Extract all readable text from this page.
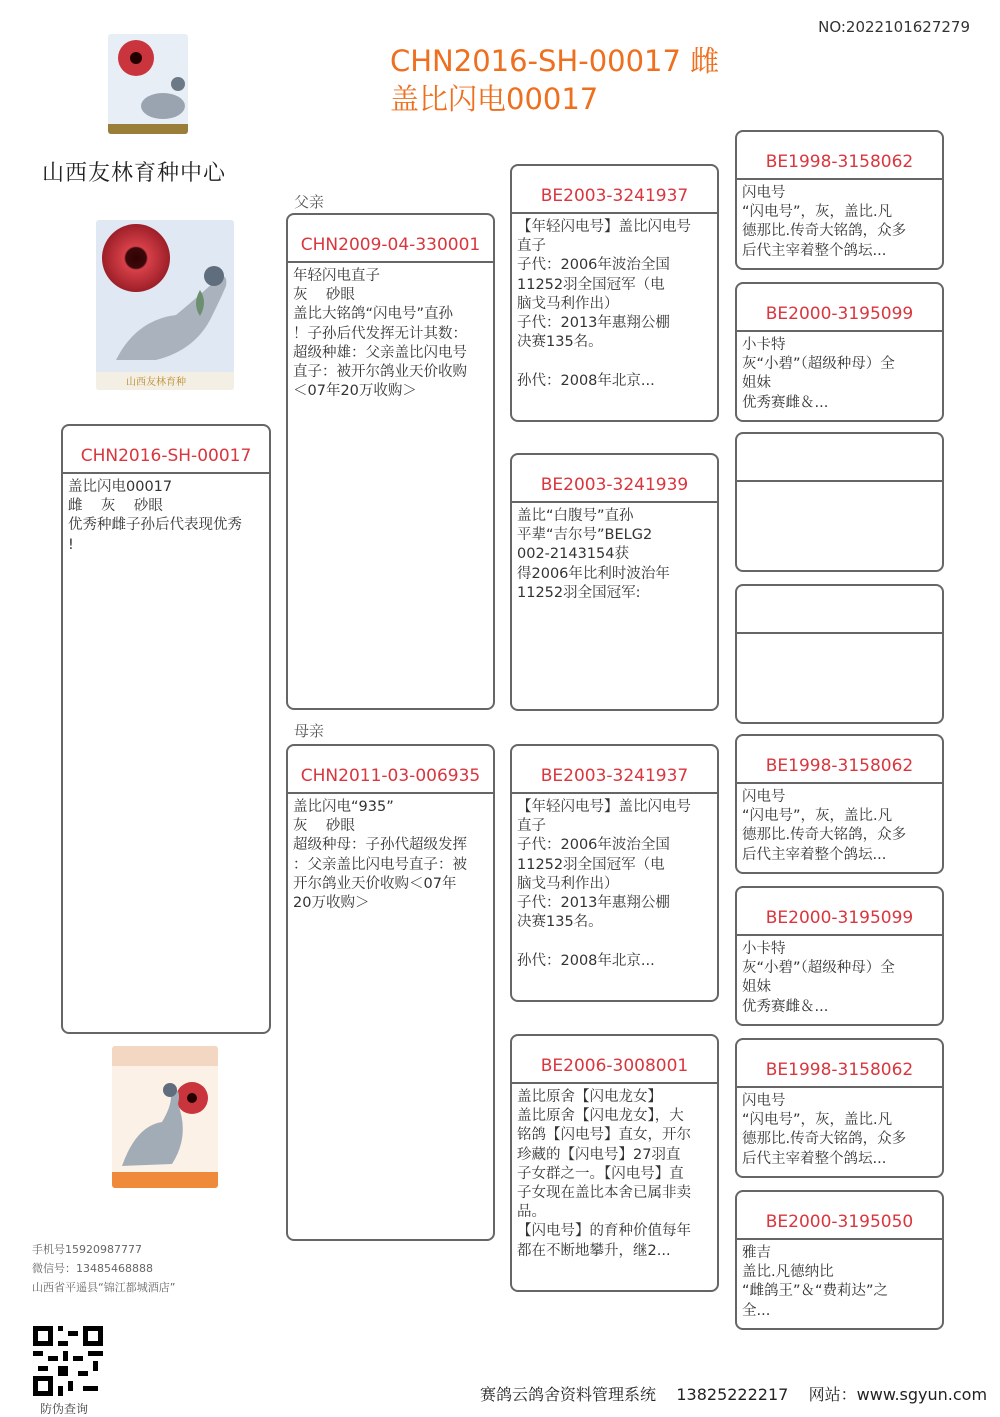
NO:2022101627279
CHN2016-SH-00017 雌
盖比闪电00017
山西友林育种中心
山西友林育种
父亲
母亲
CHN2016-SH-00017
盖比闪电00017
雌    灰    砂眼
优秀种雌子孙后代表现优秀
!
CHN2009-04-330001
年轻闪电直子
灰    砂眼
盖比大铭鸽“闪电号”直孙
！子孙后代发挥无计其数：
超级种雄：父亲盖比闪电号
直子：被开尔鸽业天价收购
＜07年20万收购＞
CHN2011-03-006935
盖比闪电“935”
灰    砂眼
超级种母：子孙代超级发挥
：父亲盖比闪电号直子：被
开尔鸽业天价收购＜07年
20万收购＞
BE2003-3241937
【年轻闪电号】盖比闪电号
直子
子代：2006年波治全国
11252羽全国冠军（电
脑戈马利作出）
子代：2013年惠翔公棚
决赛135名。

孙代：2008年北京...
BE2003-3241939
盖比“白腹号”直孙
平辈“吉尔号”BELG2
002-2143154获
得2006年比利时波治年
11252羽全国冠军:
BE2003-3241937
【年轻闪电号】盖比闪电号
直子
子代：2006年波治全国
11252羽全国冠军（电
脑戈马利作出）
子代：2013年惠翔公棚
决赛135名。

孙代：2008年北京...
BE2006-3008001
盖比原舍【闪电龙女】
盖比原舍【闪电龙女】，大
铭鸽【闪电号】直女，开尔
珍藏的【闪电号】27羽直
子女群之一。【闪电号】直
子女现在盖比本舍已属非卖
品。
【闪电号】的育种价值每年
都在不断地攀升，继2...
BE1998-3158062
闪电号
“闪电号”，灰，盖比.凡
德那比.传奇大铭鸽，众多
后代主宰着整个鸽坛...
BE2000-3195099
小卡特
灰“小碧”（超级种母）全
姐妹
优秀赛雌＆...
BE1998-3158062
闪电号
“闪电号”，灰，盖比.凡
德那比.传奇大铭鸽，众多
后代主宰着整个鸽坛...
BE2000-3195099
小卡特
灰“小碧”（超级种母）全
姐妹
优秀赛雌＆...
BE1998-3158062
闪电号
“闪电号”，灰，盖比.凡
德那比.传奇大铭鸽，众多
后代主宰着整个鸽坛...
BE2000-3195050
雅吉
盖比.凡德纳比
“雌鸽王”＆“费莉达”之
全...
手机号15920987777
微信号：13485468888
山西省平遥县“锦江都城酒店”
防伪查询
赛鸽云鸽舍资料管理系统    13825222217    网站：www.sgyun.com
